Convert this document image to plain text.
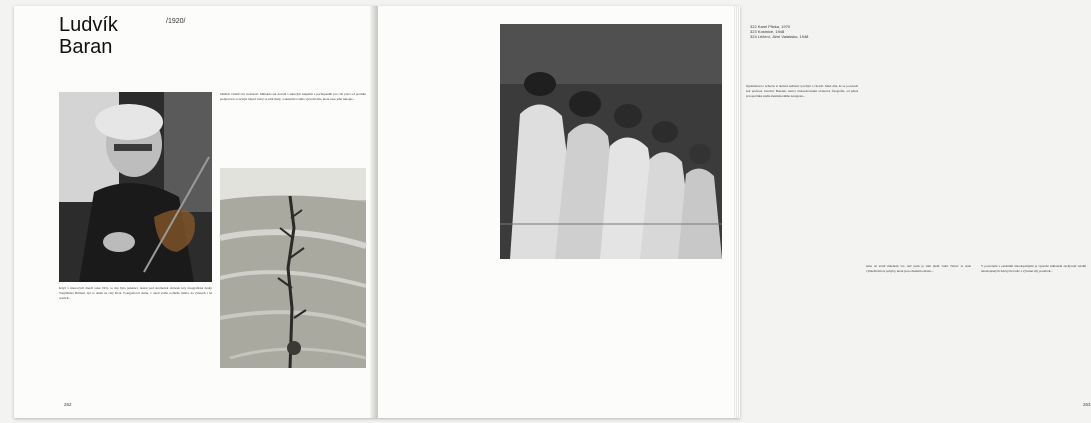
Ludvík
Baran
/1920/
Když v únorových dnech roku 1931, to mu bylo jedenáct, dostal pod stromeček obrázek tety fotografické desky Voigtländer Brillant, byl to dárek na celý život. Fotografoval doma, v okolí svého rodného města, na výletech i na cestách...
bližších vztahů své osobnosti. Málokdo tak dovedl s takovým zaujetím a pochopením pro cizí práci od počátku podporovat a rozvíjet nápad, který se zdál malý, a skutečně z něho vytvořit dílo, které nese jeho rukopis...
262
322 Karel Plicka, 1970
323 Kostnice, 1948
324 Léčení, Jižní Valašsko, 1948
myslitelnost a uchovat si aktivní sudbení i pochyb o věcech. Mezi díla, že se po letech stal profesor Jaroslav Boudek, nestor československé obrazové fotografie, od jehož prvopočátku studia mezinárodního kongresu...
nebe až uvidí mnohem víc, než jsem je sám mohl vidět. Neboť to stále vyhledávám za pohyby, které jsou obsahem obrazu...
V porovnání s ostatními národopisnými je vpravdě základem zachycení vztahů národopisných lidových tradic a výrazné síly prostředí...
263
